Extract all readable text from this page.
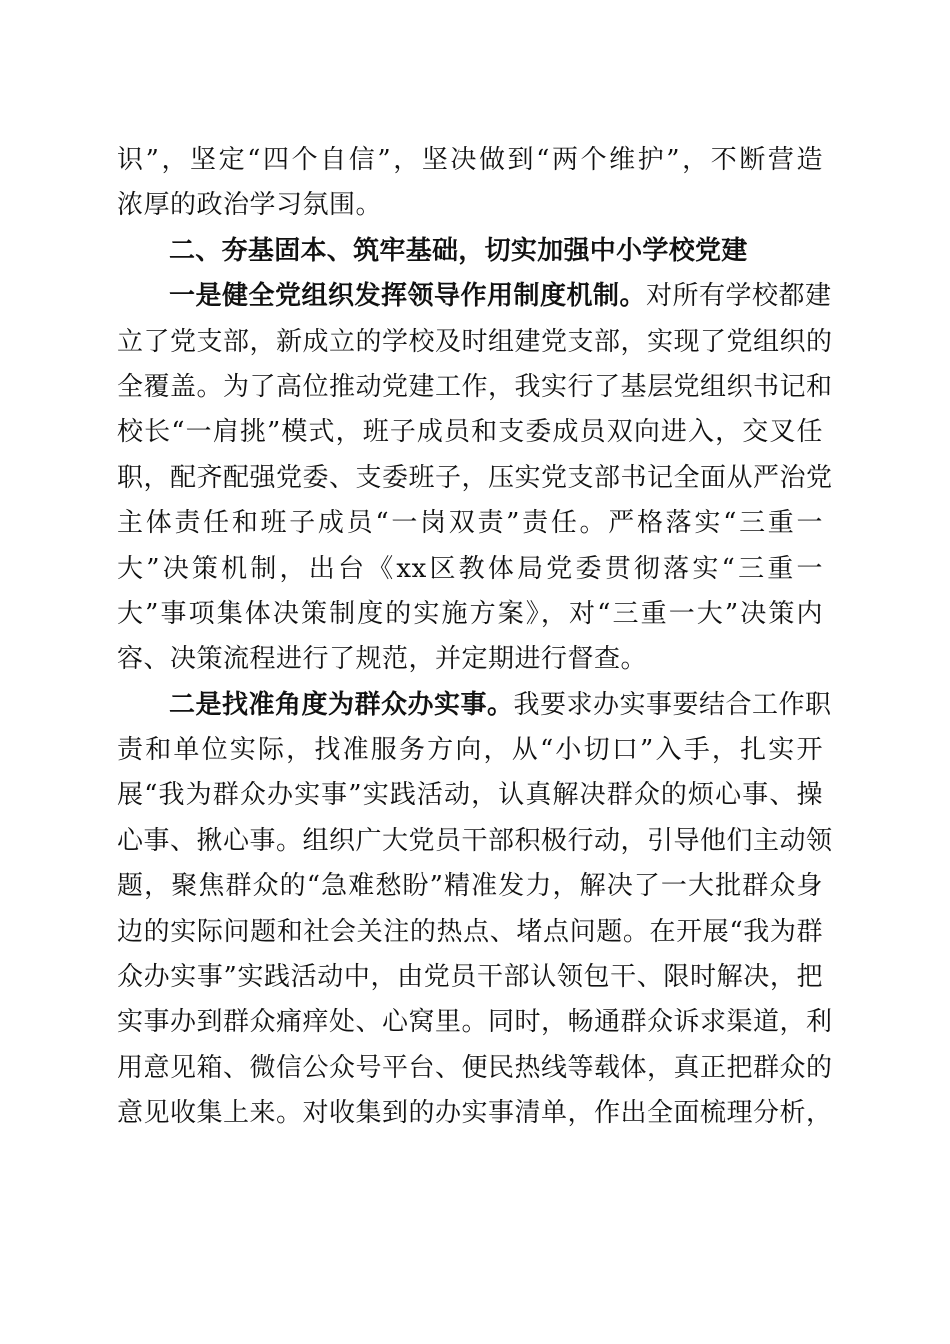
识”，坚定“四个自信”，坚决做到“两个维护”，不断营造
浓厚的政治学习氛围。
二、夯基固本、筑牢基础，切实加强中小学校党建
一是健全党组织发挥领导作用制度机制。对所有学校都建
立了党支部，新成立的学校及时组建党支部，实现了党组织的
全覆盖。为了高位推动党建工作，我实行了基层党组织书记和
校长“一肩挑”模式，班子成员和支委成员双向进入，交叉任
职，配齐配强党委、支委班子，压实党支部书记全面从严治党
主体责任和班子成员“一岗双责”责任。严格落实“三重一
大”决策机制，出台《xx区教体局党委贯彻落实“三重一
大”事项集体决策制度的实施方案》，对“三重一大”决策内
容、决策流程进行了规范，并定期进行督查。
二是找准角度为群众办实事。我要求办实事要结合工作职
责和单位实际，找准服务方向，从“小切口”入手，扎实开
展“我为群众办实事”实践活动，认真解决群众的烦心事、操
心事、揪心事。组织广大党员干部积极行动，引导他们主动领
题，聚焦群众的“急难愁盼”精准发力，解决了一大批群众身
边的实际问题和社会关注的热点、堵点问题。在开展“我为群
众办实事”实践活动中，由党员干部认领包干、限时解决，把
实事办到群众痛痒处、心窝里。同时，畅通群众诉求渠道，利
用意见箱、微信公众号平台、便民热线等载体，真正把群众的
意见收集上来。对收集到的办实事清单，作出全面梳理分析，
